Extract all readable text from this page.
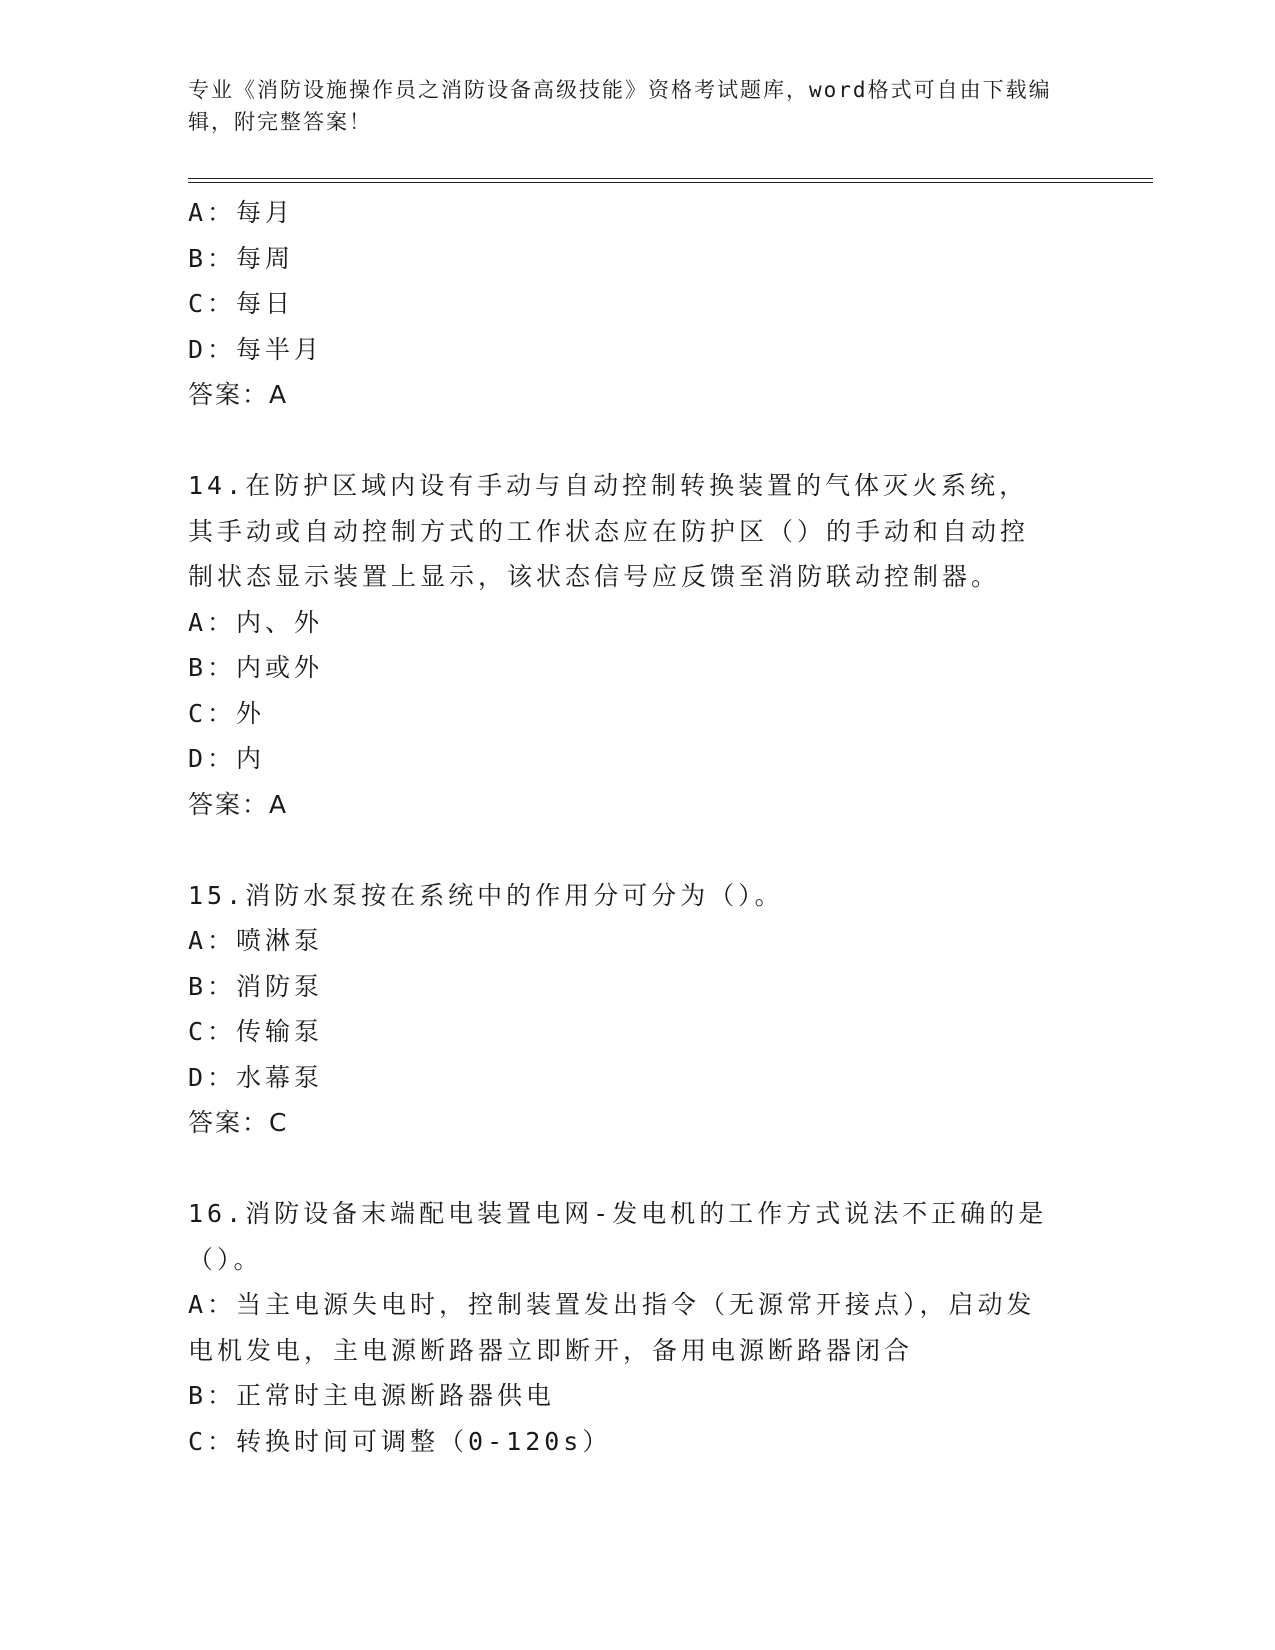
专业《消防设施操作员之消防设备高级技能》资格考试题库，word格式可自由下载编辑，附完整答案！
A：每月
B：每周
C：每日
D：每半月
答案：A
14.在防护区域内设有手动与自动控制转换装置的气体灭火系统，其手动或自动控制方式的工作状态应在防护区（）的手动和自动控制状态显示装置上显示，该状态信号应反馈至消防联动控制器。
A：内、外
B：内或外
C：外
D：内
答案：A
15.消防水泵按在系统中的作用分可分为（）。
A：喷淋泵
B：消防泵
C：传输泵
D：水幕泵
答案：C
16.消防设备末端配电装置电网-发电机的工作方式说法不正确的是（）。
A：当主电源失电时，控制装置发出指令（无源常开接点），启动发电机发电，主电源断路器立即断开，备用电源断路器闭合
B：正常时主电源断路器供电
C：转换时间可调整（0-120s）
